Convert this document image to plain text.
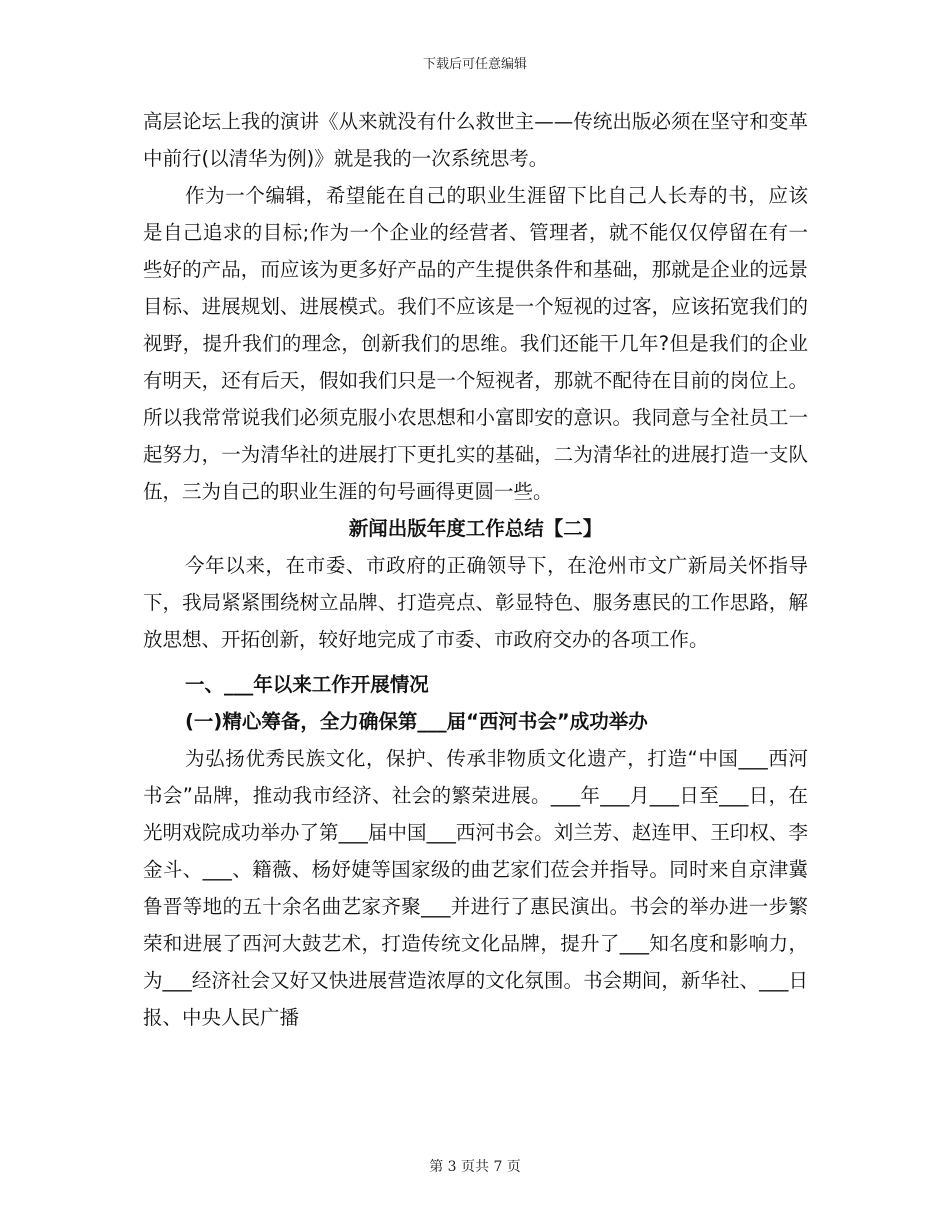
下载后可任意编辑

高层论坛上我的演讲《从来就没有什么救世主——传统出版必须在坚守和变革中前行(以清华为例)》就是我的一次系统思考。

作为一个编辑，希望能在自己的职业生涯留下比自己人长寿的书，应该是自己追求的目标;作为一个企业的经营者、管理者，就不能仅仅停留在有一些好的产品，而应该为更多好产品的产生提供条件和基础，那就是企业的远景目标、进展规划、进展模式。我们不应该是一个短视的过客，应该拓宽我们的视野，提升我们的理念，创新我们的思维。我们还能干几年?但是我们的企业有明天，还有后天，假如我们只是一个短视者，那就不配待在目前的岗位上。所以我常常说我们必须克服小农思想和小富即安的意识。我同意与全社员工一起努力，一为清华社的进展打下更扎实的基础，二为清华社的进展打造一支队伍，三为自己的职业生涯的句号画得更圆一些。

新闻出版年度工作总结【二】

今年以来，在市委、市政府的正确领导下，在沧州市文广新局关怀指导下，我局紧紧围绕树立品牌、打造亮点、彰显特色、服务惠民的工作思路，解放思想、开拓创新，较好地完成了市委、市政府交办的各项工作。

一、___年以来工作开展情况

(一)精心筹备，全力确保第___届“西河书会”成功举办

为弘扬优秀民族文化，保护、传承非物质文化遗产，打造“中国___西河书会”品牌，推动我市经济、社会的繁荣进展。___年___月___日至___日，在光明戏院成功举办了第___届中国___西河书会。刘兰芳、赵连甲、王印权、李金斗、___、籍薇、杨妤婕等国家级的曲艺家们莅会并指导。同时来自京津冀鲁晋等地的五十余名曲艺家齐聚___并进行了惠民演出。书会的举办进一步繁荣和进展了西河大鼓艺术，打造传统文化品牌，提升了___知名度和影响力，为___经济社会又好又快进展营造浓厚的文化氛围。书会期间，新华社、___日报、中央人民广播

第 3 页共 7 页
